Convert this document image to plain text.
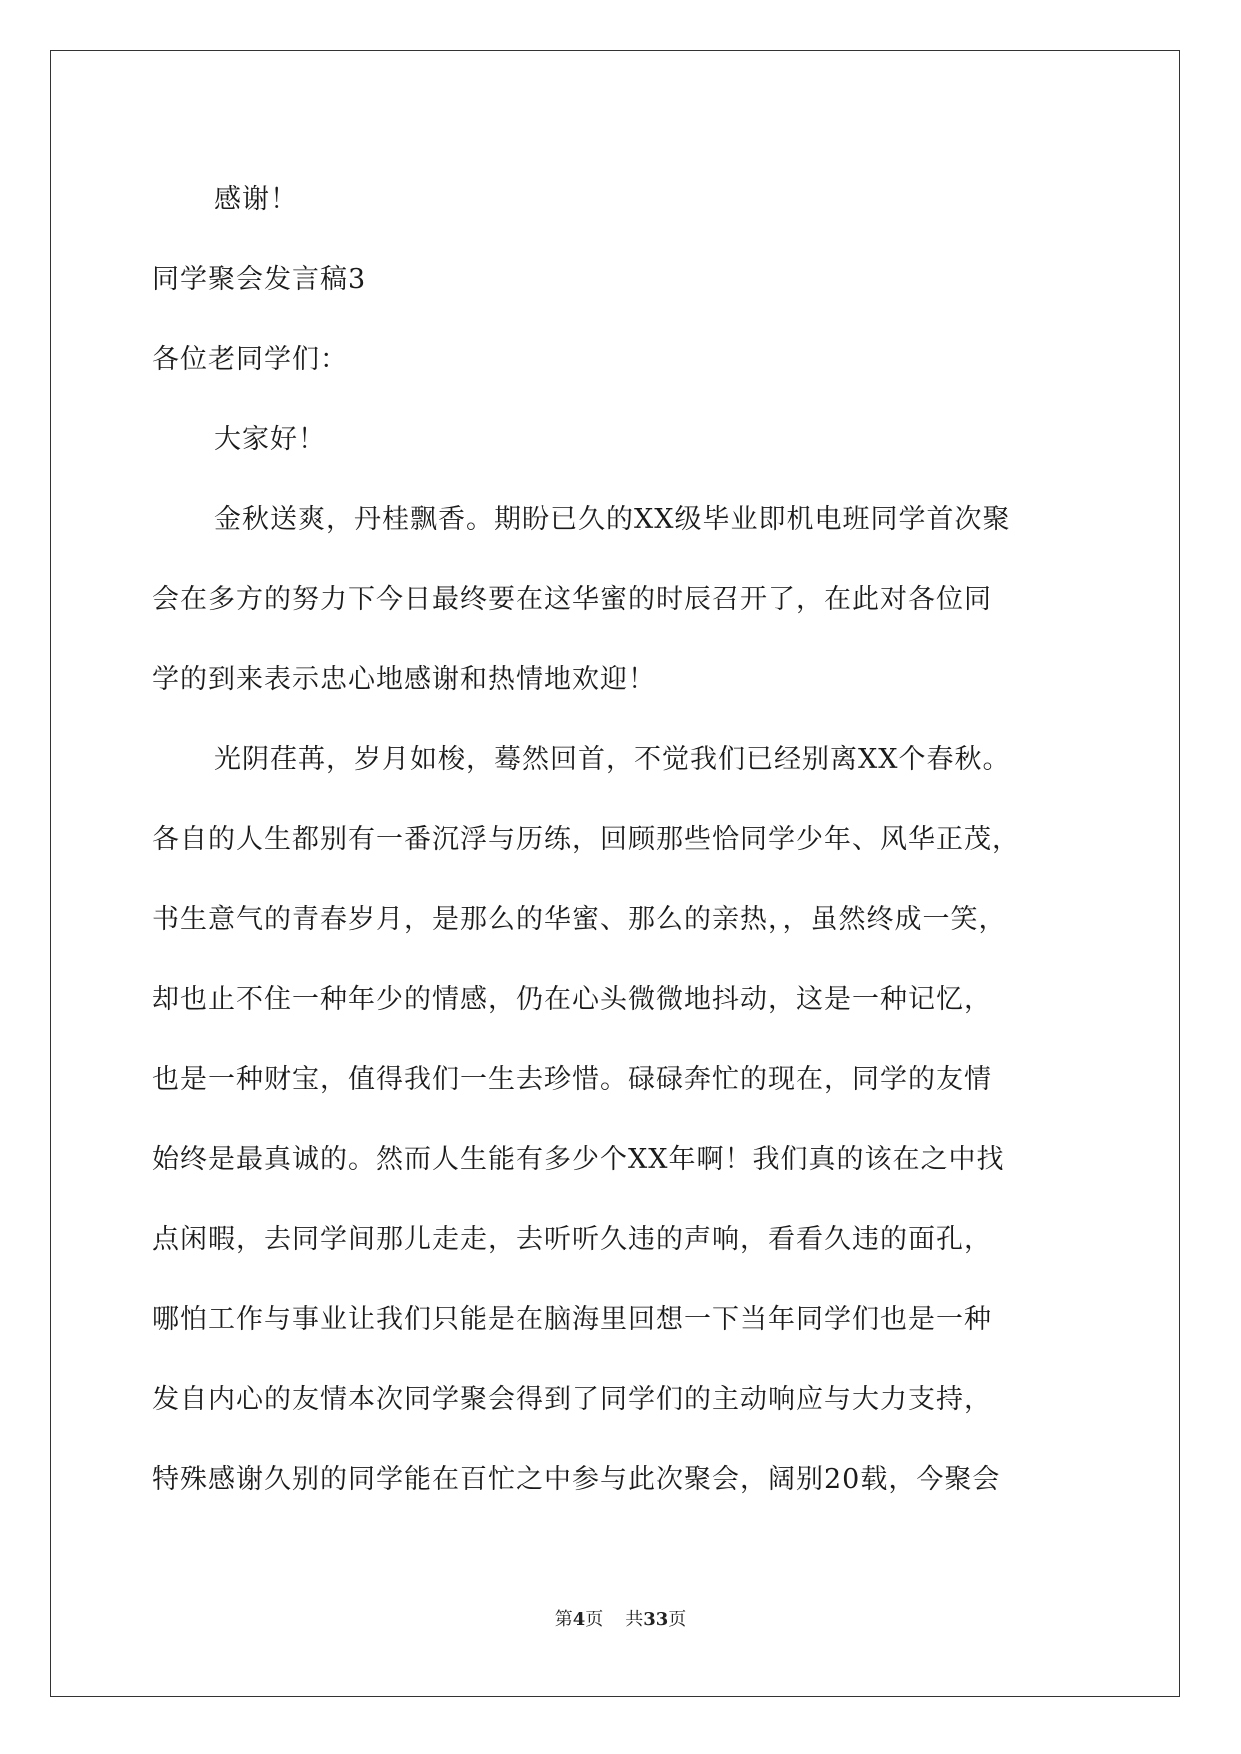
感谢！
同学聚会发言稿3
各位老同学们：
大家好！
金秋送爽，丹桂飘香。期盼已久的XX级毕业即机电班同学首次聚
会在多方的努力下今日最终要在这华蜜的时辰召开了，在此对各位同
学的到来表示忠心地感谢和热情地欢迎！
光阴荏苒，岁月如梭，蓦然回首，不觉我们已经别离XX个春秋。
各自的人生都别有一番沉浮与历练，回顾那些恰同学少年、风华正茂，
书生意气的青春岁月，是那么的华蜜、那么的亲热，，虽然终成一笑，
却也止不住一种年少的情感，仍在心头微微地抖动，这是一种记忆，
也是一种财宝，值得我们一生去珍惜。碌碌奔忙的现在，同学的友情
始终是最真诚的。然而人生能有多少个XX年啊！我们真的该在之中找
点闲暇，去同学间那儿走走，去听听久违的声响，看看久违的面孔，
哪怕工作与事业让我们只能是在脑海里回想一下当年同学们也是一种
发自内心的友情本次同学聚会得到了同学们的主动响应与大力支持，
特殊感谢久别的同学能在百忙之中参与此次聚会，阔别20载，今聚会
第4页 共33页
